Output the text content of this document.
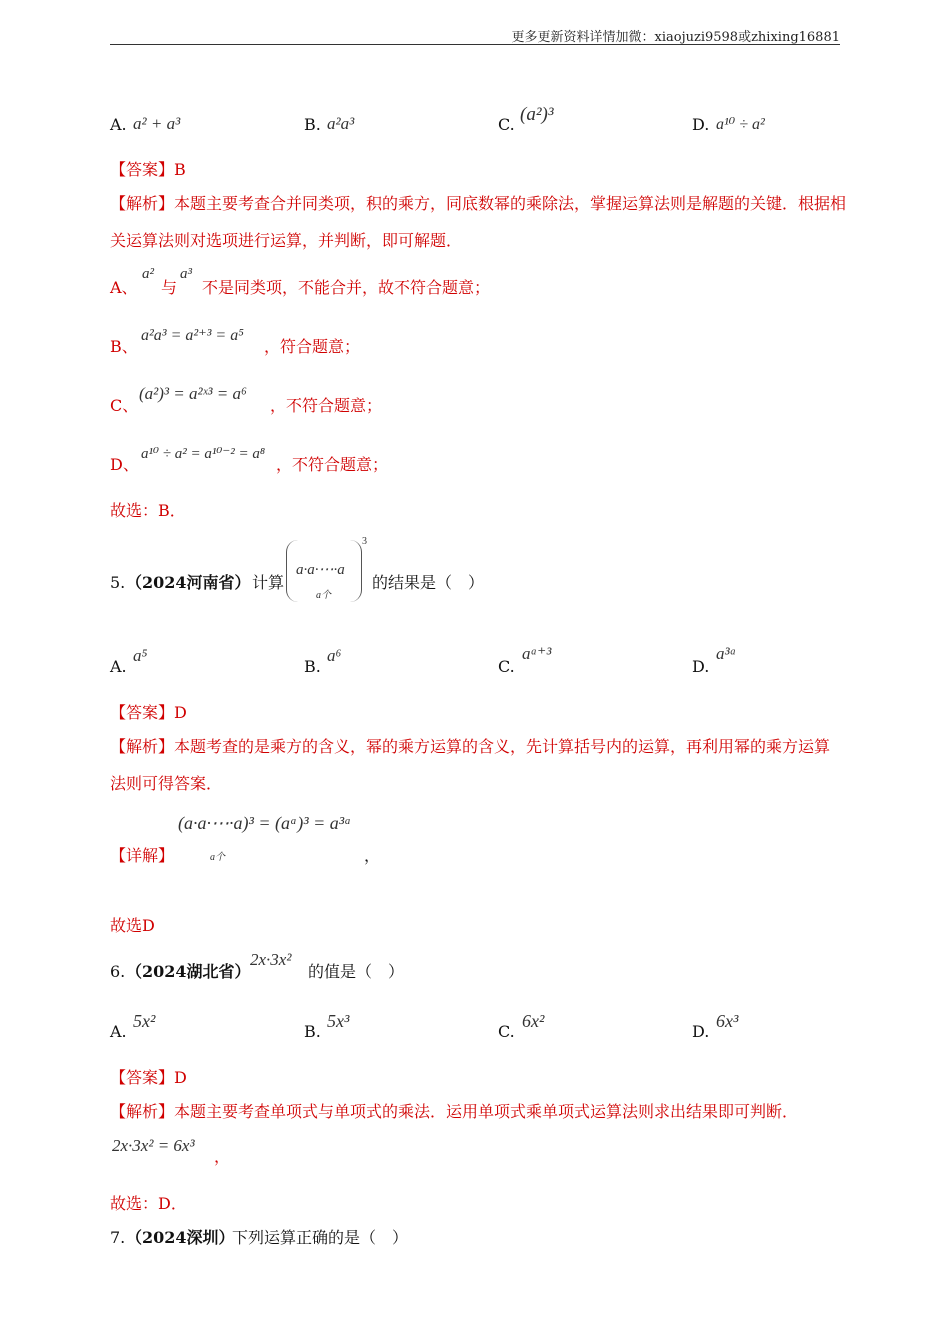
更多更新资料详情加微：xiaojuzi9598或zhixing16881
A. a² + a³	B. a²a³	C. (a²)³	D. a¹⁰ ÷ a²
【答案】B
【解析】本题主要考查合并同类项，积的乘方，同底数幂的乘除法，掌握运算法则是解题的关键．根据相
关运算法则对选项进行运算，并判断，即可解题．
A、
a²
与
a³
不是同类项，不能合并，故不符合题意；
B、
a²a³ = a²⁺³ = a⁵
，符合题意；
C、
(a²)³ = a²ˣ³ = a⁶
，不符合题意；
D、
a¹⁰ ÷ a² = a¹⁰⁻² = a⁸
，不符合题意；
故选：B．
5. （2024河南省） 计算
a·a·⋯·a
a个
3
的结果是（　）
A.
a⁵
B.
a⁶
C.
aᵃ⁺³
D.
a³ᵃ
【答案】D
【解析】本题考查的是乘方的含义，幂的乘方运算的含义，先计算括号内的运算，再利用幂的乘方运算
法则可得答案．
【详解】
(a·a·⋯·a)³ = (aᵃ)³ = a³ᵃ
a个	，
故选D
6. （2024湖北省）
2x·3x²
的值是（　）
A.
5x²
B.
5x³
C.
6x²
D.
6x³
【答案】D
【解析】本题主要考查单项式与单项式的乘法．运用单项式乘单项式运算法则求出结果即可判断．
2x·3x² = 6x³
，
故选：D．
7. （2024深圳）
下列运算正确的是（　）
